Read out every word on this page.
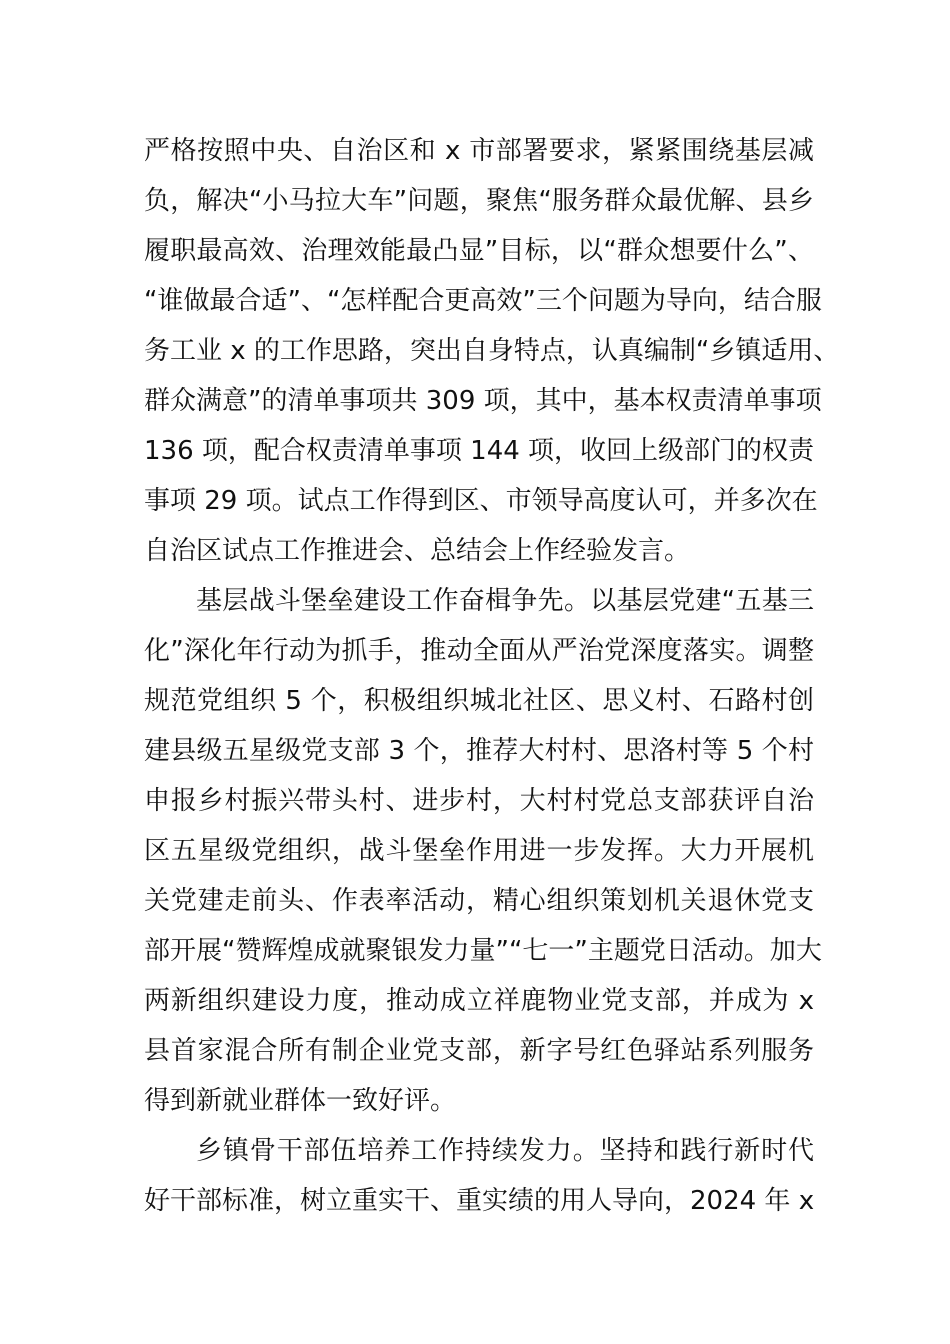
严格按照中央、自治区和 x 市部署要求，紧紧围绕基层减
负，解决“小马拉大车”问题，聚焦“服务群众最优解、县乡
履职最高效、治理效能最凸显”目标，以“群众想要什么”、
“谁做最合适”、“怎样配合更高效”三个问题为导向，结合服
务工业 x 的工作思路，突出自身特点，认真编制“乡镇适用、
群众满意”的清单事项共 309 项，其中，基本权责清单事项
136 项，配合权责清单事项 144 项，收回上级部门的权责
事项 29 项。试点工作得到区、市领导高度认可，并多次在
自治区试点工作推进会、总结会上作经验发言。
基层战斗堡垒建设工作奋楫争先。以基层党建“五基三
化”深化年行动为抓手，推动全面从严治党深度落实。调整
规范党组织 5 个，积极组织城北社区、思义村、石路村创
建县级五星级党支部 3 个，推荐大村村、思洛村等 5 个村
申报乡村振兴带头村、进步村，大村村党总支部获评自治
区五星级党组织，战斗堡垒作用进一步发挥。大力开展机
关党建走前头、作表率活动，精心组织策划机关退休党支
部开展“赞辉煌成就聚银发力量”“七一”主题党日活动。加大
两新组织建设力度，推动成立祥鹿物业党支部，并成为 x
县首家混合所有制企业党支部，新字号红色驿站系列服务
得到新就业群体一致好评。
乡镇骨干部伍培养工作持续发力。坚持和践行新时代
好干部标准，树立重实干、重实绩的用人导向，2024 年 x
